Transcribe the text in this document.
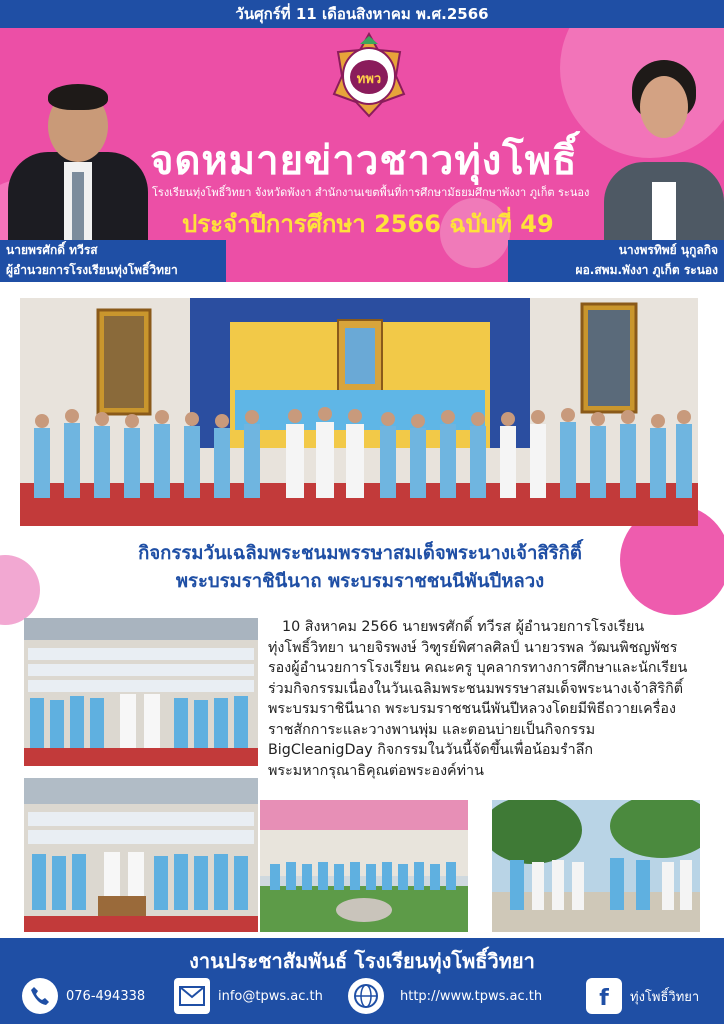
วันศุกร์ที่ 11 เดือนสิงหาคม พ.ศ.2566
ทพว
จดหมายข่าวชาวทุ่งโพธิ์
โรงเรียนทุ่งโพธิ์วิทยา จังหวัดพังงา สำนักงานเขตพื้นที่การศึกษามัธยมศึกษาพังงา ภูเก็ต ระนอง
ประจำปีการศึกษา 2566 ฉบับที่ 49
นายพรศักดิ์ ทวีรส
ผู้อำนวยการโรงเรียนทุ่งโพธิ์วิทยา
นางพรทิพย์ นุกูลกิจ
ผอ.สพม.พังงา ภูเก็ต ระนอง
กิจกรรมวันเฉลิมพระชนมพรรษาสมเด็จพระนางเจ้าสิริกิติ์
พระบรมราชินีนาถ พระบรมราชชนนีพันปีหลวง

10 สิงหาคม 2566 นายพรศักดิ์ ทวีรส ผู้อำนวยการโรงเรียน

ทุ่งโพธิ์วิทยา นายจิรพงษ์ วิฑูรย์พิศาลศิลป์ นายวรพล วัฒนพิชญพัชร

รองผู้อำนวยการโรงเรียน คณะครู บุคลากรทางการศึกษาและนักเรียน

ร่วมกิจกรรมเนื่องในวันเฉลิมพระชนมพรรษาสมเด็จพระนางเจ้าสิริกิติ์

พระบรมราชินีนาถ พระบรมราชชนนีพันปีหลวงโดยมีพิธีถวายเครื่อง

ราชสักการะและวางพานพุ่ม และตอนบ่ายเป็นกิจกรรม

BigCleanigDay กิจกรรมในวันนี้จัดขึ้นเพื่อน้อมรำลึก

พระมหากรุณาธิคุณต่อพระองค์ท่าน

งานประชาสัมพันธ์ โรงเรียนทุ่งโพธิ์วิทยา
076-494338	info@tpws.ac.th	http://www.tpws.ac.th	f ทุ่งโพธิ์วิทยา
